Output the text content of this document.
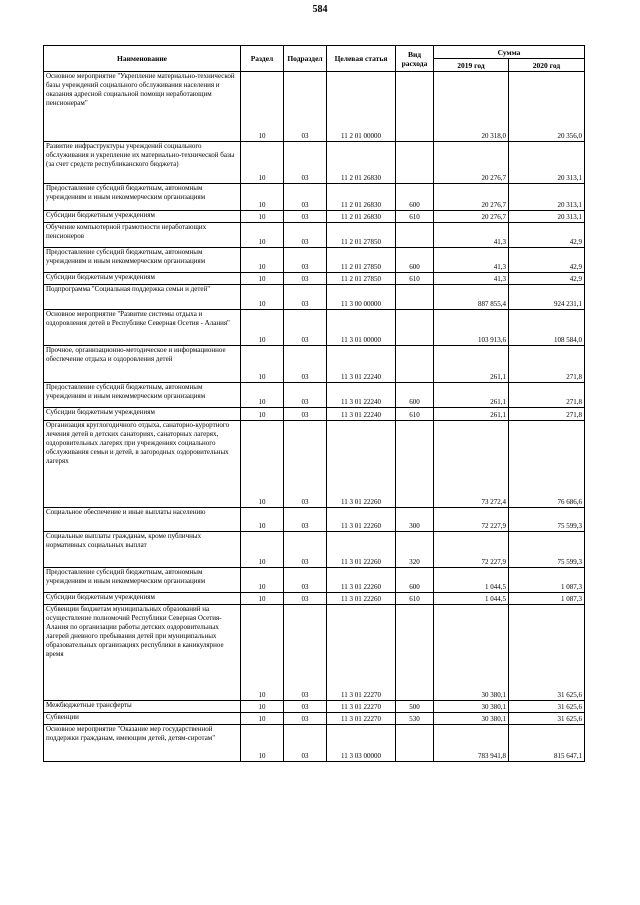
584
Наименование	Раздел	Подраздел	Целевая статья	Вид расхода	Сумма	
					2019 год	2020 год
Основное мероприятие "Укрепление материально-технической базы учреждений социального обслуживания населения и оказания адресной социальной помощи неработающим пенсионерам"	10	03	11 2 01 00000		20 318,0	20 356,0
Развитие инфраструктуры учреждений социального обслуживания и укрепление их материально-технической базы (за счет средств республиканского бюджета)	10	03	11 2 01 26830		20 276,7	20 313,1
Предоставление субсидий бюджетным, автономным учреждениям и иным некоммерческим организациям	10	03	11 2 01 26830	600	20 276,7	20 313,1
Субсидии бюджетным учреждениям	10	03	11 2 01 26830	610	20 276,7	20 313,1
Обучение компьютерной грамотности неработающих пенсионеров	10	03	11 2 01 27850		41,3	42,9
Предоставление субсидий бюджетным, автономным учреждениям и иным некоммерческим организациям	10	03	11 2 01 27850	600	41,3	42,9
Субсидии бюджетным учреждениям	10	03	11 2 01 27850	610	41,3	42,9
Подпрограмма "Социальная поддержка семьи и детей"	10	03	11 3 00 00000		887 855,4	924 231,1
Основное мероприятие "Развитие системы отдыха и оздоровления детей в Республике Северная Осетия - Алания"	10	03	11 3 01 00000		103 913,6	108 584,0
Прочное, организационно-методическое и информационное обеспечение отдыха и оздоровления детей	10	03	11 3 01 22240		261,1	271,8
Предоставление субсидий бюджетным, автономным учреждениям и иным некоммерческим организациям	10	03	11 3 01 22240	600	261,1	271,8
Субсидии бюджетным учреждениям	10	03	11 3 01 22240	610	261,1	271,8
Организация круглогодичного отдыха, санаторно-курортного лечения детей в детских санаториях, санаторных лагерях, оздоровительных лагерях при учреждениях социального обслуживания семьи и детей, в загородных оздоровительных лагерях	10	03	11 3 01 22260		73 272,4	76 686,6
Социальное обеспечение и иные выплаты населению	10	03	11 3 01 22260	300	72 227,9	75 599,3
Социальные выплаты гражданам, кроме публичных нормативных социальных выплат	10	03	11 3 01 22260	320	72 227,9	75 599,3
Предоставление субсидий бюджетным, автономным учреждениям и иным некоммерческим организациям	10	03	11 3 01 22260	600	1 044,5	1 087,3
Субсидии бюджетным учреждениям	10	03	11 3 01 22260	610	1 044,5	1 087,3
Субвенции бюджетам муниципальных образований на осуществление полномочий Республики Северная Осетия-Алания по организации работы детских оздоровительных лагерей дневного пребывания детей при муниципальных образовательных организациях республики в каникулярное время	10	03	11 3 01 22270		30 380,1	31 625,6
Межбюджетные трансферты	10	03	11 3 01 22270	500	30 380,1	31 625,6
Субвенции	10	03	11 3 01 22270	530	30 380,1	31 625,6
Основное мероприятие "Оказание мер государственной поддержки гражданам, имеющим детей, детям-сиротам"	10	03	11 3 03 00000		783 941,8	815 647,1
